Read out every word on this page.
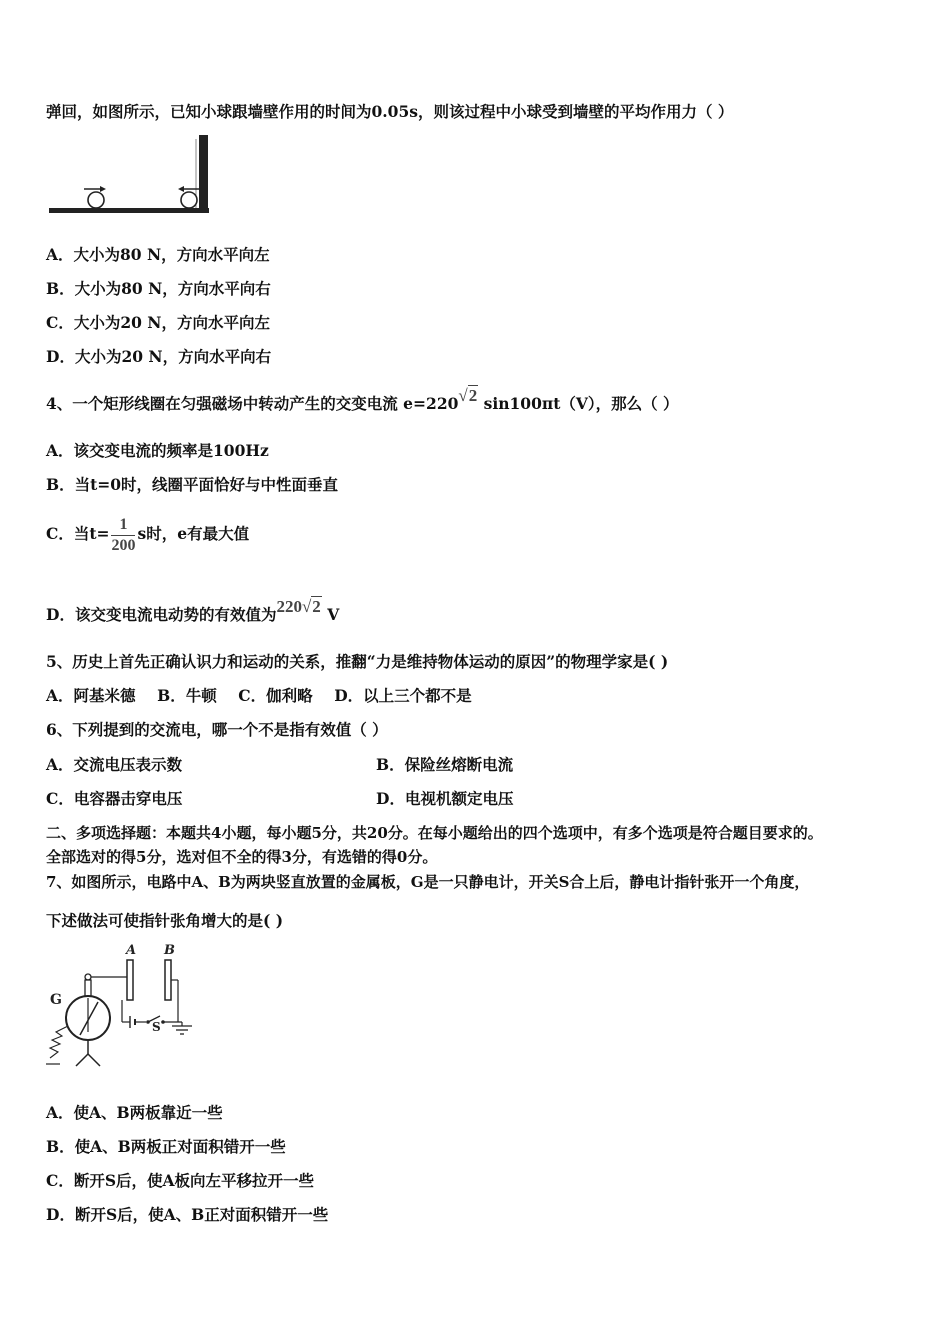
弹回，如图所示，已知小球跟墙壁作用的时间为0.05s，则该过程中小球受到墙壁的平均作用力（ ）
A．大小为80 N，方向水平向左
B．大小为80 N，方向水平向右
C．大小为20 N，方向水平向左
D．大小为20 N，方向水平向右
4、一个矩形线圈在匀强磁场中转动产生的交变电流 e=220√2 sin100πt（V），那么（ ）
A．该交变电流的频率是100Hz
B．当t=0时，线圈平面恰好与中性面垂直
C．当$t= \frac{1}{200}$ s时，e有最大值
D．该交变电流电动势的有效值为220√2 V
5、历史上首先正确认识力和运动的关系，推翻“力是维持物体运动的原因”的物理学家是( )
A．阿基米德    B．牛顿    C．伽利略    D．以上三个都不是
6、下列提到的交流电，哪一个不是指有效值（ ）
A．交流电压表示数	B．保险丝熔断电流
C．电容器击穿电压	D．电视机额定电压
二、多项选择题：本题共4小题，每小题5分，共20分。在每小题给出的四个选项中，有多个选项是符合题目要求的。
全部选对的得5分，选对但不全的得3分，有选错的得0分。
7、如图所示，电路中A、B为两块竖直放置的金属板，G是一只静电计，开关S合上后，静电计指针张开一个角度，
下述做法可使指针张角增大的是( )
A B
G
S
A．使A、B两板靠近一些
B．使A、B两板正对面积错开一些
C．断开S后，使A板向左平移拉开一些
D．断开S后，使A、B正对面积错开一些
